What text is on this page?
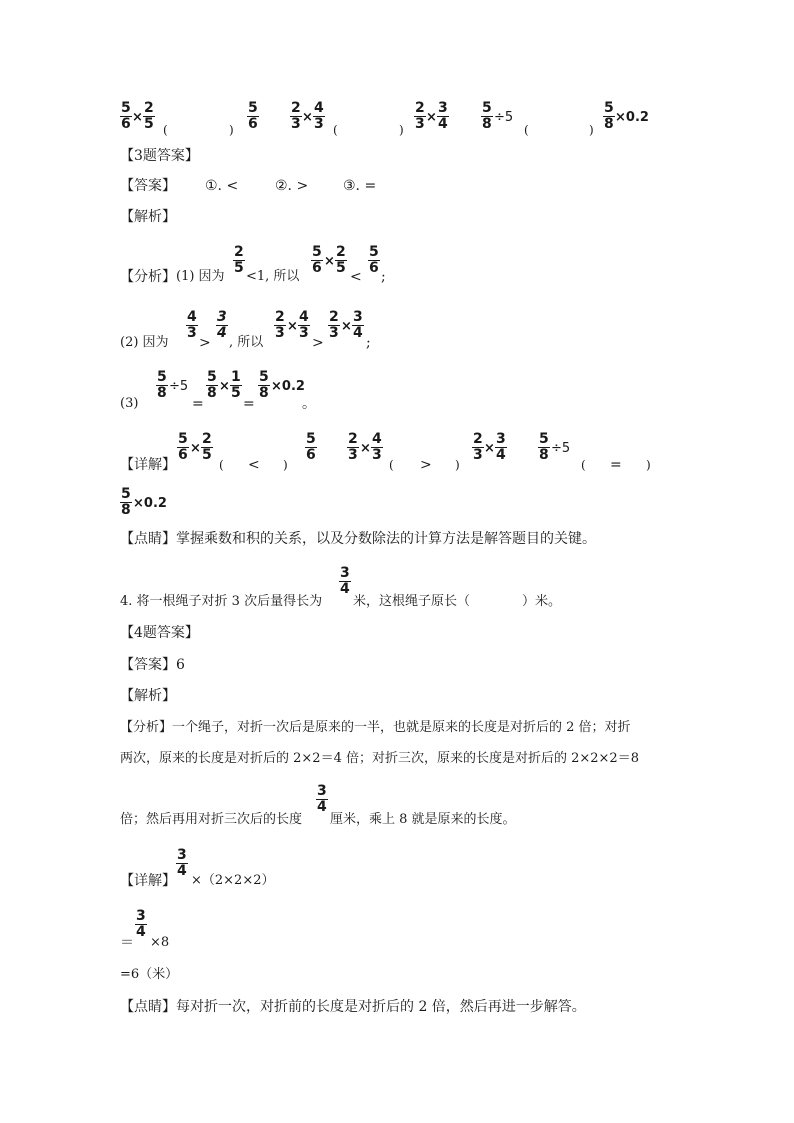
5
6 ×
2
5 (	)
5
6
2
3 ×
4
3 (	)
2
3 ×
3
4
5
8 ÷5
(	)
5
8 ×0.2
【3题答案】
【答案】 ①. <	②. > ③. =
【解析】
【分析】 (1) 因为
2
5
<1, 所以
5
6 ×
2
5
<
5
6
;
(2) 因为
4
3
>
3
4
, 所以
2
3 ×
4
3
>
2
3 ×
3
4
;
(3)
5
8 ÷5
=
5
8 ×
1
5
=
5
8 ×0.2
。
【详解】
5
6 ×
2
5
( < )
5
6
2
3 ×
4
3
( > )
2
3 ×
3
4
5
8 ÷5
( = )
5
8 ×0.2
【点睛】掌握乘数和积的关系，以及分数除法的计算方法是解答题目的关键。
4. 将一根绳子对折 3 次后量得长为
3
4
米，这根绳子原长（　　　　）米。
【4题答案】
【答案】6
【解析】
【分析】一个绳子，对折一次后是原来的一半，也就是原来的长度是对折后的 2 倍；对折
两次，原来的长度是对折后的 2×2＝4 倍；对折三次，原来的长度是对折后的 2×2×2＝8
倍；然后再用对折三次后的长度
3
4
厘米，乘上 8 就是原来的长度。
【详解】
3
4
×（2×2×2）
＝
3
4
×8
=6（米）
【点睛】每对折一次，对折前的长度是对折后的 2 倍，然后再进一步解答。
